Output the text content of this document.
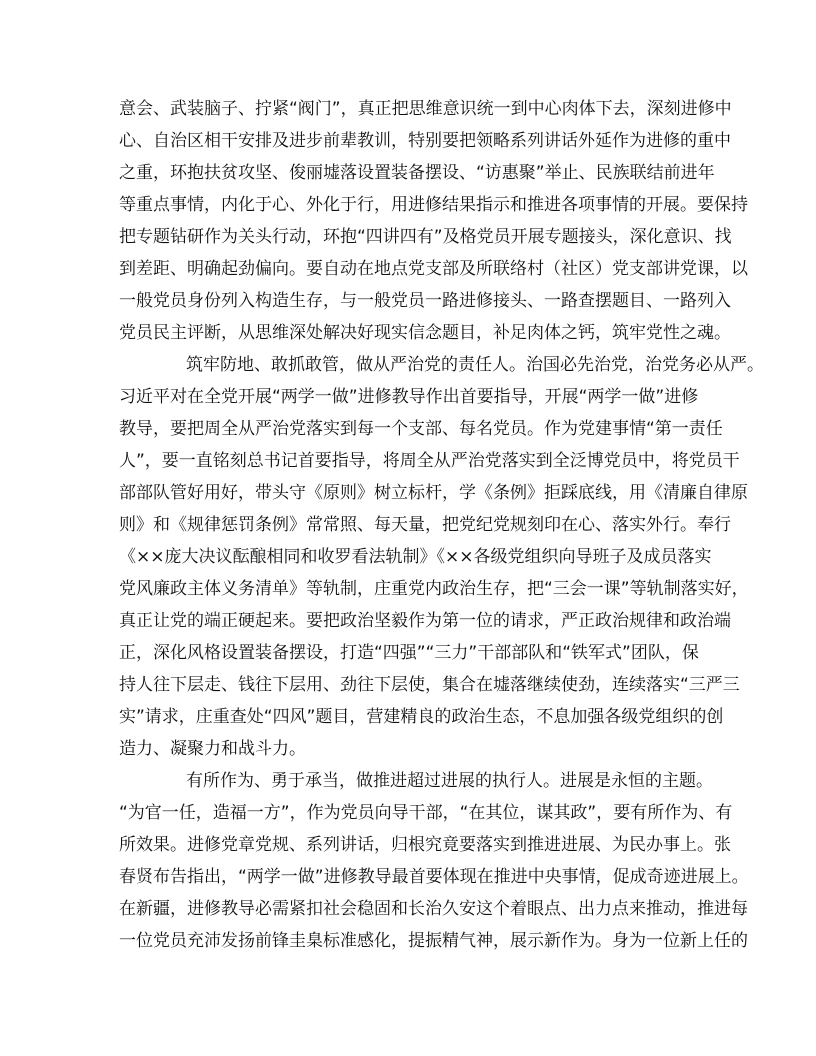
意会、武装脑子、拧紧“阀门”，真正把思维意识统一到中心肉体下去，深刻进修中
心、自治区相干安排及进步前辈教训，特别要把领略系列讲话外延作为进修的重中
之重，环抱扶贫攻坚、俊丽墟落设置装备摆设、“访惠聚”举止、民族联结前进年
等重点事情，内化于心、外化于行，用进修结果指示和推进各项事情的开展。要保持
把专题钻研作为关头行动，环抱“四讲四有”及格党员开展专题接头，深化意识、找
到差距、明确起劲偏向。要自动在地点党支部及所联络村（社区）党支部讲党课，以
一般党员身份列入构造生存，与一般党员一路进修接头、一路查摆题目、一路列入
党员民主评断，从思维深处解决好现实信念题目，补足肉体之钙，筑牢党性之魂。
筑牢防地、敢抓敢管，做从严治党的责任人。治国必先治党，治党务必从严。
习近平对在全党开展“两学一做”进修教导作出首要指导，开展“两学一做”进修
教导，要把周全从严治党落实到每一个支部、每名党员。作为党建事情“第一责任
人”，要一直铭刻总书记首要指导，将周全从严治党落实到全泛博党员中，将党员干
部部队管好用好，带头守《原则》树立标杆，学《条例》拒踩底线，用《清廉自律原
则》和《规律惩罚条例》常常照、每天量，把党纪党规刻印在心、落实外行。奉行
《××庞大决议酝酿相同和收罗看法轨制》《××各级党组织向导班子及成员落实
党风廉政主体义务清单》等轨制，庄重党内政治生存，把“三会一课”等轨制落实好，
真正让党的端正硬起来。要把政治坚毅作为第一位的请求，严正政治规律和政治端
正，深化风格设置装备摆设，打造“四强”“三力”干部部队和“铁军式”团队，保
持人往下层走、钱往下层用、劲往下层使，集合在墟落继续使劲，连续落实“三严三
实”请求，庄重查处“四风”题目，营建精良的政治生态，不息加强各级党组织的创
造力、凝聚力和战斗力。
有所作为、勇于承当，做推进超过进展的执行人。进展是永恒的主题。
“为官一任，造福一方”，作为党员向导干部，“在其位，谋其政”，要有所作为、有
所效果。进修党章党规、系列讲话，归根究竟要落实到推进进展、为民办事上。张
春贤布告指出，“两学一做”进修教导最首要体现在推进中央事情，促成奇迹进展上。
在新疆，进修教导必需紧扣社会稳固和长治久安这个着眼点、出力点来推动，推进每
一位党员充沛发扬前锋圭臬标准感化，提振精气神，展示新作为。身为一位新上任的
